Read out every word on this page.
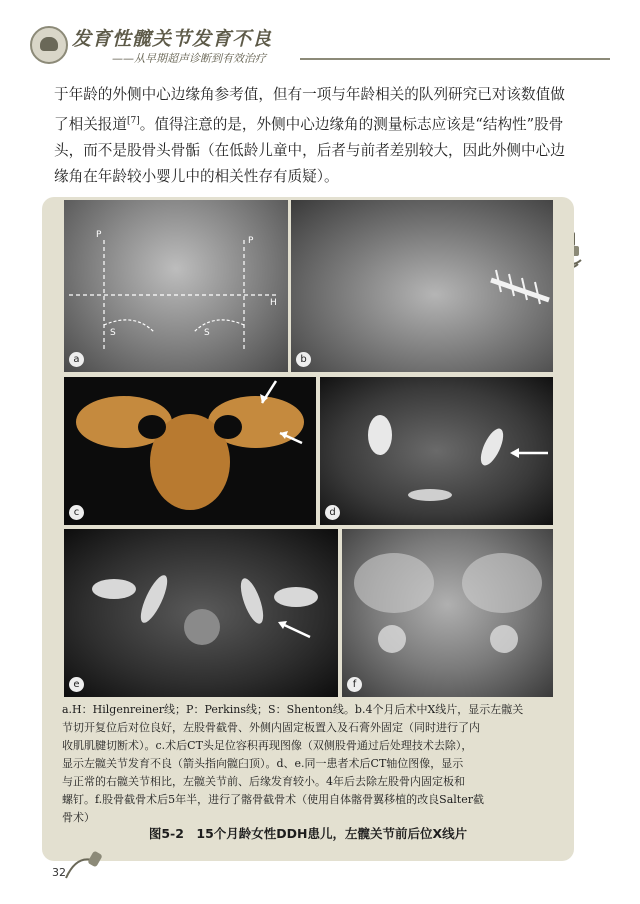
发育性髋关节发育不良
——从早期超声诊断到有效治疗
于年龄的外侧中心边缘角参考值，但有一项与年龄相关的队列研究已对该数值做
了相关报道[7]。值得注意的是，外侧中心边缘角的测量标志应该是“结构性”股骨
头，而不是股骨头骨骺（在低龄儿童中，后者与前者差别较大，因此外侧中心边
缘角在年龄较小婴儿中的相关性存有质疑）。
P
P
H
S	S
a	b
c	d
e	f
a.H：Hilgenreiner线；P：Perkins线；S：Shenton线。b.4个月后术中X线片，显示左髋关
节切开复位后对位良好，左股骨截骨、外侧内固定板置入及石膏外固定（同时进行了内
收肌肌腱切断术）。c.术后CT头足位容积再现图像（双侧股骨通过后处理技术去除），
显示左髋关节发育不良（箭头指向髋臼顶）。d、e.同一患者术后CT轴位图像，显示
与正常的右髋关节相比，左髋关节前、后缘发育较小。4年后去除左股骨内固定板和
螺钉。f.股骨截骨术后5年半，进行了髂骨截骨术（使用自体髂骨翼移植的改良Salter截
骨术）
图5-2　15个月龄女性DDH患儿，左髋关节前后位X线片
32
